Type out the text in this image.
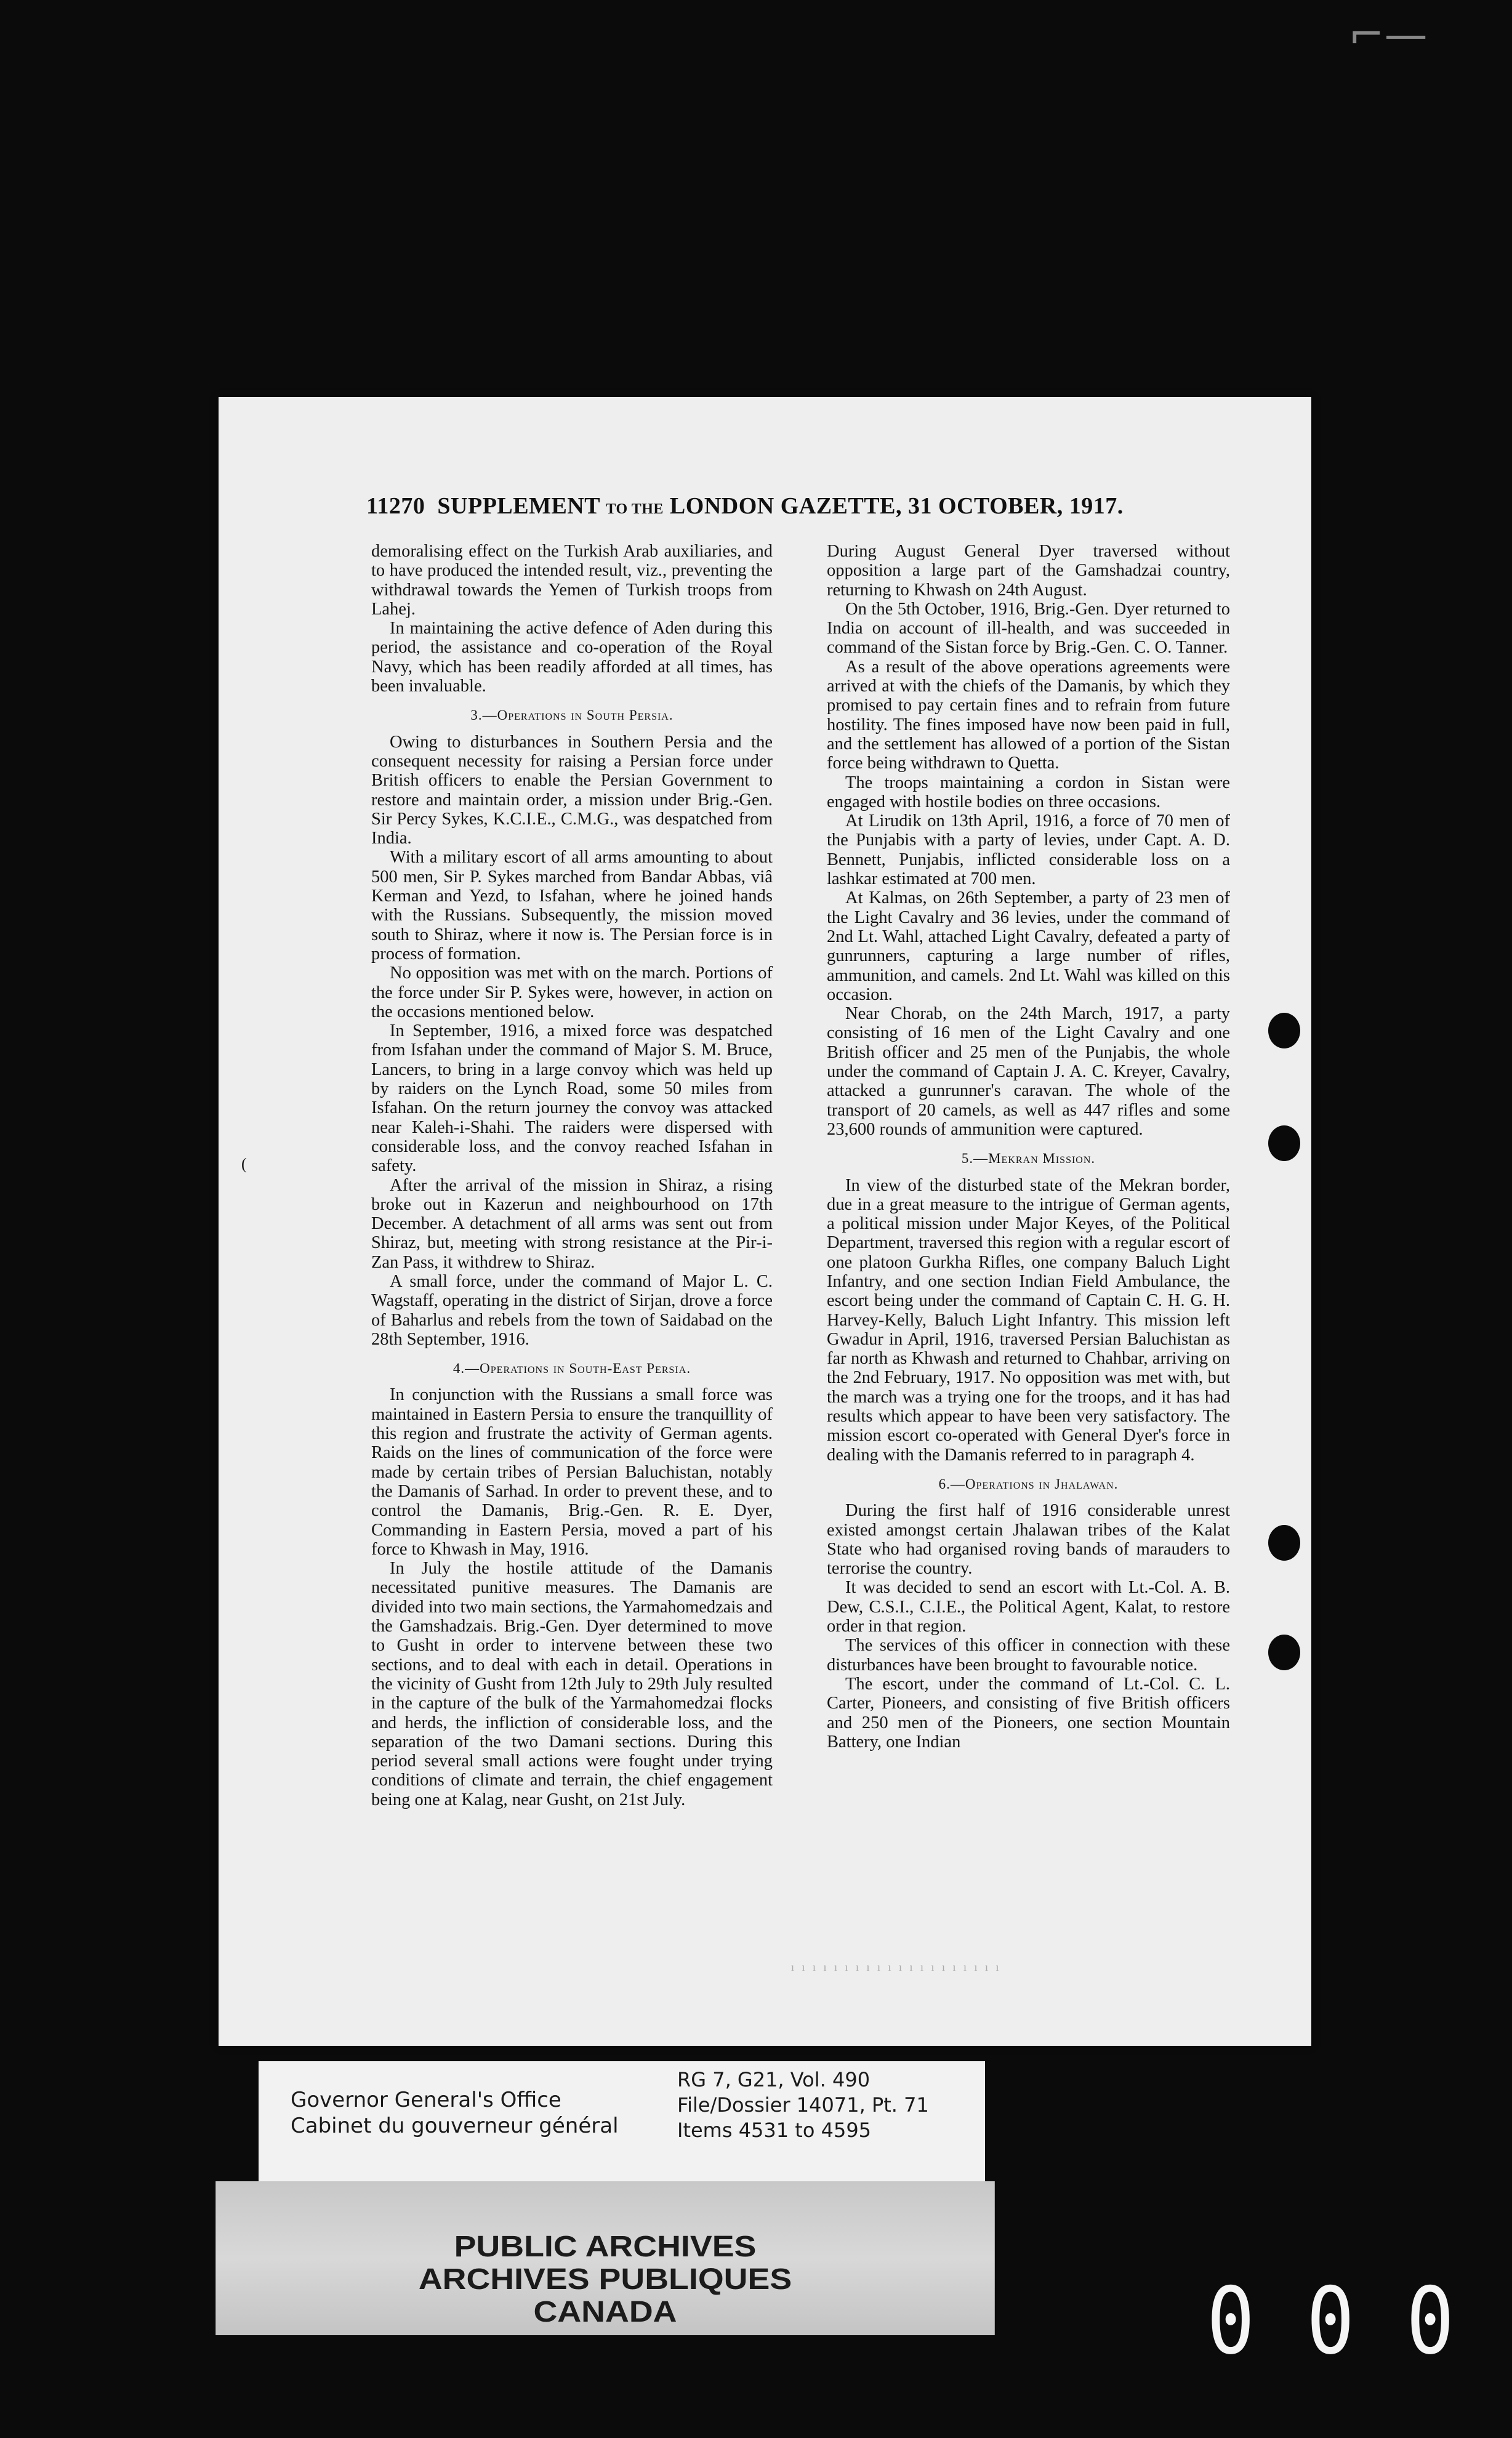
⌐—
11270 SUPPLEMENT TO THE LONDON GAZETTE, 31 OCTOBER, 1917.

demoralising effect on the Turkish Arab auxiliaries, and to have produced the intended result, viz., preventing the withdrawal towards the Yemen of Turkish troops from Lahej.

In maintaining the active defence of Aden during this period, the assistance and co-operation of the Royal Navy, which has been readily afforded at all times, has been invaluable.

3.—Operations in South Persia.

Owing to disturbances in Southern Persia and the consequent necessity for raising a Persian force under British officers to enable the Persian Government to restore and maintain order, a mission under Brig.-Gen. Sir Percy Sykes, K.C.I.E., C.M.G., was despatched from India.

With a military escort of all arms amounting to about 500 men, Sir P. Sykes marched from Bandar Abbas, viâ Kerman and Yezd, to Isfahan, where he joined hands with the Russians. Subsequently, the mission moved south to Shiraz, where it now is. The Persian force is in process of formation.

No opposition was met with on the march. Portions of the force under Sir P. Sykes were, however, in action on the occasions mentioned below.

In September, 1916, a mixed force was despatched from Isfahan under the command of Major S. M. Bruce, Lancers, to bring in a large convoy which was held up by raiders on the Lynch Road, some 50 miles from Isfahan. On the return journey the convoy was attacked near Kaleh-i-Shahi. The raiders were dispersed with considerable loss, and the convoy reached Isfahan in safety.

After the arrival of the mission in Shiraz, a rising broke out in Kazerun and neighbourhood on 17th December. A detachment of all arms was sent out from Shiraz, but, meeting with strong resistance at the Pir-i-Zan Pass, it withdrew to Shiraz.

A small force, under the command of Major L. C. Wagstaff, operating in the district of Sirjan, drove a force of Baharlus and rebels from the town of Saidabad on the 28th September, 1916.

4.—Operations in South-East Persia.

In conjunction with the Russians a small force was maintained in Eastern Persia to ensure the tranquillity of this region and frustrate the activity of German agents. Raids on the lines of communication of the force were made by certain tribes of Persian Baluchistan, notably the Damanis of Sarhad. In order to prevent these, and to control the Damanis, Brig.-Gen. R. E. Dyer, Commanding in Eastern Persia, moved a part of his force to Khwash in May, 1916.

In July the hostile attitude of the Damanis necessitated punitive measures. The Damanis are divided into two main sections, the Yarmahomedzais and the Gamshadzais. Brig.-Gen. Dyer determined to move to Gusht in order to intervene between these two sections, and to deal with each in detail. Operations in the vicinity of Gusht from 12th July to 29th July resulted in the capture of the bulk of the Yarmahomedzai flocks and herds, the infliction of considerable loss, and the separation of the two Damani sections. During this period several small actions were fought under trying conditions of climate and terrain, the chief engagement being one at Kalag, near Gusht, on 21st July.

During August General Dyer traversed without opposition a large part of the Gamshadzai country, returning to Khwash on 24th August.

On the 5th October, 1916, Brig.-Gen. Dyer returned to India on account of ill-health, and was succeeded in command of the Sistan force by Brig.-Gen. C. O. Tanner.

As a result of the above operations agreements were arrived at with the chiefs of the Damanis, by which they promised to pay certain fines and to refrain from future hostility. The fines imposed have now been paid in full, and the settlement has allowed of a portion of the Sistan force being withdrawn to Quetta.

The troops maintaining a cordon in Sistan were engaged with hostile bodies on three occasions.

At Lirudik on 13th April, 1916, a force of 70 men of the Punjabis with a party of levies, under Capt. A. D. Bennett, Punjabis, inflicted considerable loss on a lashkar estimated at 700 men.

At Kalmas, on 26th September, a party of 23 men of the Light Cavalry and 36 levies, under the command of 2nd Lt. Wahl, attached Light Cavalry, defeated a party of gunrunners, capturing a large number of rifles, ammunition, and camels. 2nd Lt. Wahl was killed on this occasion.

Near Chorab, on the 24th March, 1917, a party consisting of 16 men of the Light Cavalry and one British officer and 25 men of the Punjabis, the whole under the command of Captain J. A. C. Kreyer, Cavalry, attacked a gunrunner's caravan. The whole of the transport of 20 camels, as well as 447 rifles and some 23,600 rounds of ammunition were captured.

5.—Mekran Mission.

In view of the disturbed state of the Mekran border, due in a great measure to the intrigue of German agents, a political mission under Major Keyes, of the Political Department, traversed this region with a regular escort of one platoon Gurkha Rifles, one company Baluch Light Infantry, and one section Indian Field Ambulance, the escort being under the command of Captain C. H. G. H. Harvey-Kelly, Baluch Light Infantry. This mission left Gwadur in April, 1916, traversed Persian Baluchistan as far north as Khwash and returned to Chahbar, arriving on the 2nd February, 1917. No opposition was met with, but the march was a trying one for the troops, and it has had results which appear to have been very satisfactory. The mission escort co-operated with General Dyer's force in dealing with the Damanis referred to in paragraph 4.

6.—Operations in Jhalawan.

During the first half of 1916 considerable unrest existed amongst certain Jhalawan tribes of the Kalat State who had organised roving bands of marauders to terrorise the country.

It was decided to send an escort with Lt.-Col. A. B. Dew, C.S.I., C.I.E., the Political Agent, Kalat, to restore order in that region.

The services of this officer in connection with these disturbances have been brought to favourable notice.

The escort, under the command of Lt.-Col. C. L. Carter, Pioneers, and consisting of five British officers and 250 men of the Pioneers, one section Mountain Battery, one Indian

ı ı ı ı ı ı ı ı ı ı ı ı ı ı ı ı ı ı ı ı
(
Governor General's Office
Cabinet du gouverneur général
RG 7, G21, Vol. 490
File/Dossier 14071, Pt. 71
Items 4531 to 4595
PUBLIC ARCHIVES
ARCHIVES PUBLIQUES
CANADA	0 0 0
